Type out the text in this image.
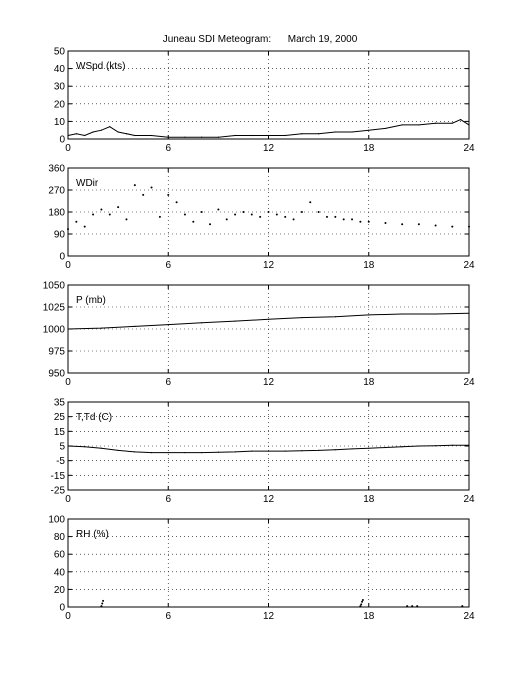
Juneau SDI Meteogram:      March 19, 2000
0
10
20
30
40
50
0	6	12	18	24
WSpd (kts)
0
90
180
270
360
0	6	12	18	24
WDir
950
975
1000
1025
1050
0	6	12	18	24
P (mb)
-25
-15
-5
5
15
25
35
0	6	12	18	24
T,Td (C)
0
20
40
60
80
100
0	6	12	18	24
RH (%)
